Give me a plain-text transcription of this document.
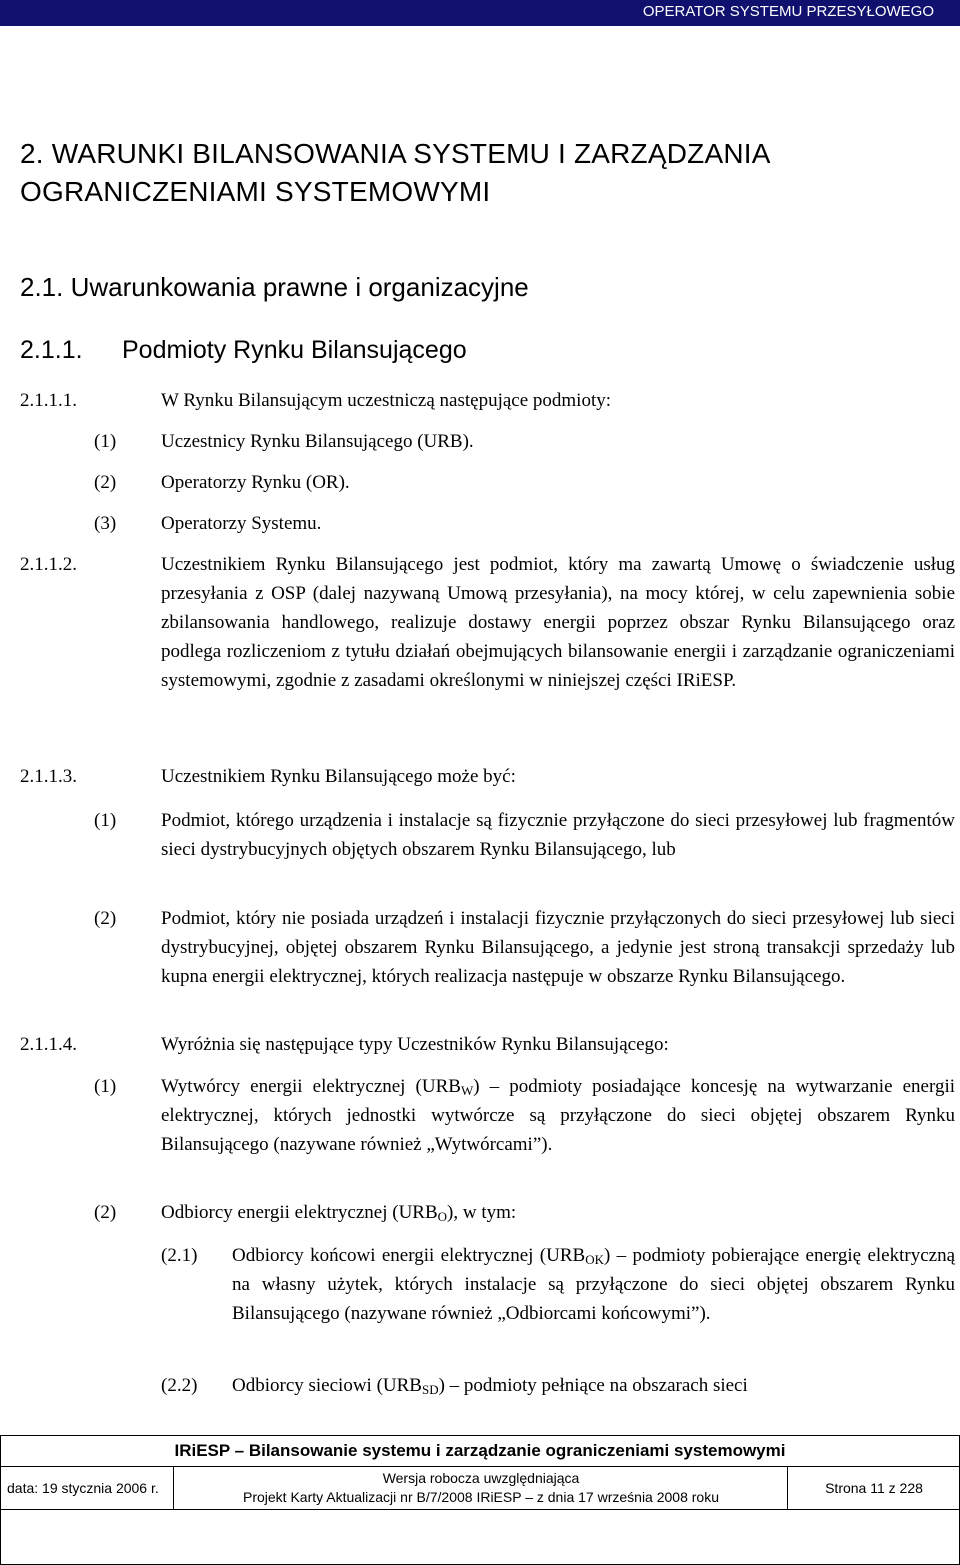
OPERATOR SYSTEMU PRZESYŁOWEGO
2. WARUNKI BILANSOWANIA SYSTEMU I ZARZĄDZANIA OGRANICZENIAMI SYSTEMOWYMI
2.1. Uwarunkowania prawne i organizacyjne
2.1.1. Podmioty Rynku Bilansującego
2.1.1.1.	W Rynku Bilansującym uczestniczą następujące podmioty:
(1) Uczestnicy Rynku Bilansującego (URB).
(2) Operatorzy Rynku (OR).
(3) Operatorzy Systemu.
2.1.1.2.	Uczestnikiem Rynku Bilansującego jest podmiot, który ma zawartą Umowę o świadczenie usług przesyłania z OSP (dalej nazywaną Umową przesyłania), na mocy której, w celu zapewnienia sobie zbilansowania handlowego, realizuje dostawy energii poprzez obszar Rynku Bilansującego oraz podlega rozliczeniom z tytułu działań obejmujących bilansowanie energii i zarządzanie ograniczeniami systemowymi, zgodnie z zasadami określonymi w niniejszej części IRiESP.
2.1.1.3.	Uczestnikiem Rynku Bilansującego może być:
(1) Podmiot, którego urządzenia i instalacje są fizycznie przyłączone do sieci przesyłowej lub fragmentów sieci dystrybucyjnych objętych obszarem Rynku Bilansującego, lub
(2) Podmiot, który nie posiada urządzeń i instalacji fizycznie przyłączonych do sieci przesyłowej lub sieci dystrybucyjnej, objętej obszarem Rynku Bilansującego, a jedynie jest stroną transakcji sprzedaży lub kupna energii elektrycznej, których realizacja następuje w obszarze Rynku Bilansującego.
2.1.1.4.	Wyróżnia się następujące typy Uczestników Rynku Bilansującego:
(1) Wytwórcy energii elektrycznej $(URB_W)$ – podmioty posiadające koncesję na wytwarzanie energii elektrycznej, których jednostki wytwórcze są przyłączone do sieci objętej obszarem Rynku Bilansującego (nazywane również „Wytwórcami”).
(2) Odbiorcy energii elektrycznej $(URB_O)$, w tym:
(2.1) Odbiorcy końcowi energii elektrycznej $(URB_{OK})$ – podmioty pobierające energię elektryczną na własny użytek, których instalacje są przyłączone do sieci objętej obszarem Rynku Bilansującego (nazywane również „Odbiorcami końcowymi”).
(2.2) Odbiorcy sieciowi $(URB_{SD})$ – podmioty pełniące na obszarach sieci
IRiESP – Bilansowanie systemu i zarządzanie ograniczeniami systemowymi
data: 19 stycznia 2006 r.
Wersja robocza uwzględniająca
Projekt Karty Aktualizacji nr B/7/2008 IRiESP – z dnia 17 września 2008 roku
Strona 11 z 228
